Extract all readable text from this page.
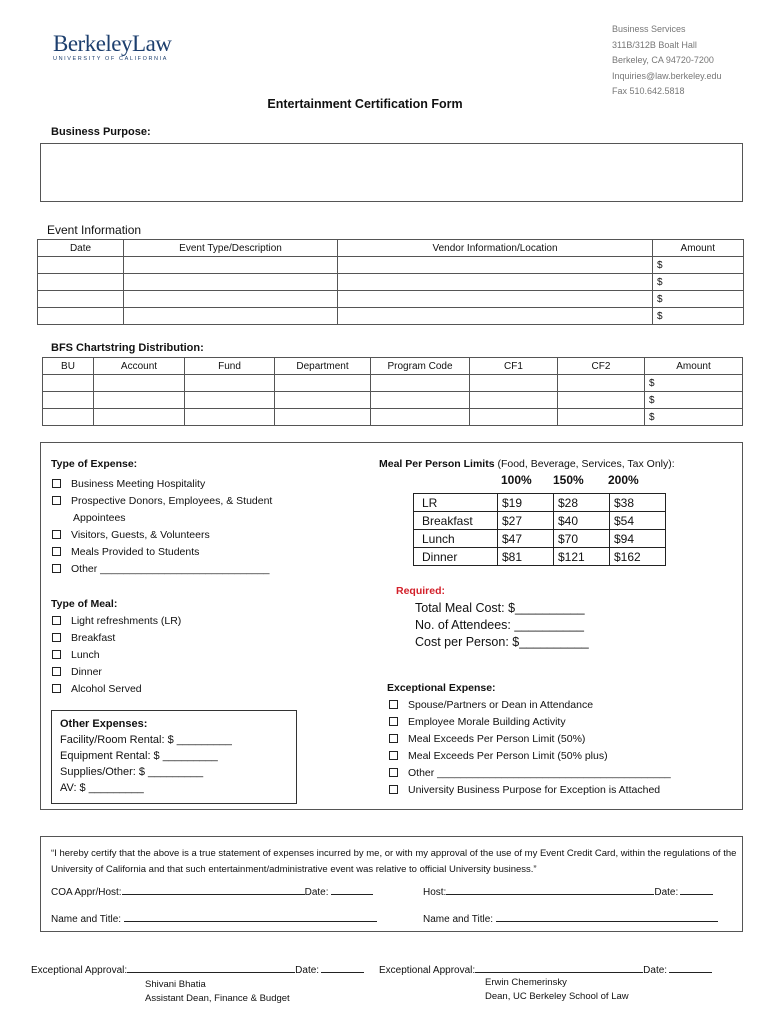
BerkeleyLaw
UNIVERSITY OF CALIFORNIA
Business Services
311B/312B Boalt Hall
Berkeley, CA 94720-7200
Inquiries@law.berkeley.edu
Fax 510.642.5818
Entertainment Certification Form
Business Purpose:
Event Information
Date	Event Type/Description	Vendor Information/Location	Amount
			$
			$
			$
			$
BFS Chartstring Distribution:
BU	Account	Fund	Department	Program Code	CF1	CF2	Amount
							$
							$
							$
Type of Expense:
Business Meeting Hospitality
Prospective Donors, Employees, & Student
Appointees
Visitors, Guests, & Volunteers
Meals Provided to Students
Other _____________________________
Meal Per Person Limits (Food, Beverage, Services, Tax Only):
100% 150% 200%
LR	$19	$28	$38
Breakfast	$27	$40	$54
Lunch	$47	$70	$94
Dinner	$81	$121	$162
Required:
Total Meal Cost: $__________
No. of Attendees: __________
Cost per Person: $__________
Type of Meal:
Light refreshments (LR)
Breakfast
Lunch
Dinner
Alcohol Served
Other Expenses:
Facility/Room Rental: $ _________
Equipment Rental: $ _________
Supplies/Other: $ _________
AV: $ _________
Exceptional Expense:
Spouse/Partners or Dean in Attendance
Employee Morale Building Activity
Meal Exceeds Per Person Limit (50%)
Meal Exceeds Per Person Limit (50% plus)
Other ________________________________________
University Business Purpose for Exception is Attached
“I hereby certify that the above is a true statement of expenses incurred by me, or with my approval of the use of my Event Credit Card, within the regulations of the University of California and that such entertainment/administrative event was relative to official University business.”
COA Appr/Host:	Date:	Host:	Date:
Name and Title:	Name and Title:
Exceptional Approval:	Date:
Shivani Bhatia
Assistant Dean, Finance & Budget
Exceptional Approval:	Date:
Erwin Chemerinsky
Dean, UC Berkeley School of Law
